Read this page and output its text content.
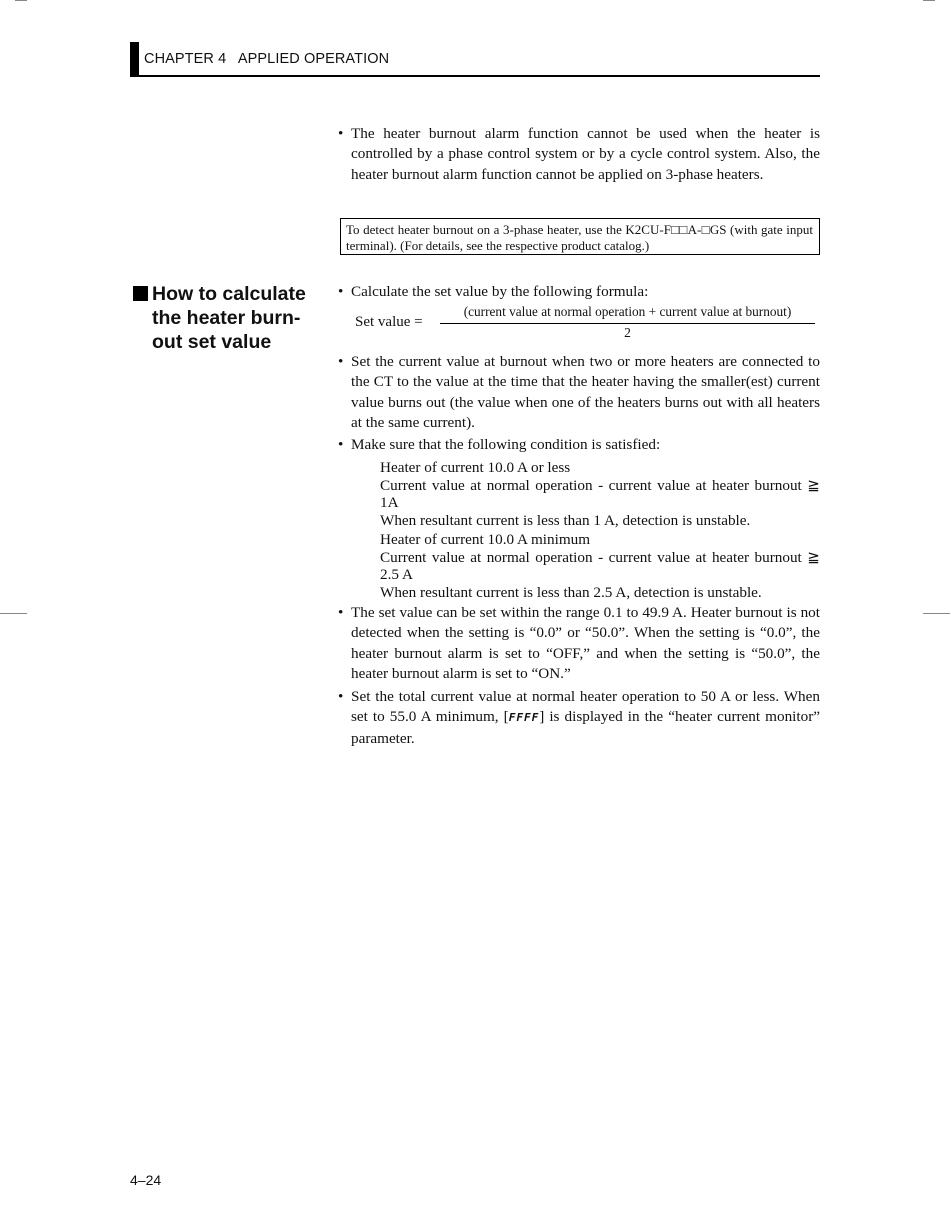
CHAPTER 4   APPLIED OPERATION
• The heater burnout alarm function cannot be used when the heater is controlled by a phase control system or by a cycle control system. Also, the heater burnout alarm function cannot be applied on 3-phase heaters.
To detect heater burnout on a 3-phase heater, use the K2CU-F□□A-□GS (with gate input terminal). (For details, see the respective product catalog.)
How to calculate
the heater burn-
out set value
• Calculate the set value by the following formula:
Set value =
(current value at normal operation + current value at burnout)
2
• Set the current value at burnout when two or more heaters are connected to the CT to the value at the time that the heater having the smaller(est) current value burns out (the value when one of the heaters burns out with all heaters at the same current).
• Make sure that the following condition is satisfied:
Heater of current 10.0 A or less
Current value at normal operation - current value at heater burnout ≧ 1A
When resultant current is less than 1 A, detection is unstable.
Heater of current 10.0 A minimum
Current value at normal operation - current value at heater burnout ≧ 2.5 A
When resultant current is less than 2.5 A, detection is unstable.
• The set value can be set within the range 0.1 to 49.9 A. Heater burnout is not detected when the setting is “0.0” or “50.0”. When the setting is “0.0”, the heater burnout alarm is set to “OFF,” and when the setting is “50.0”, the heater burnout alarm is set to “ON.”
• Set the total current value at normal heater operation to 50 A or less. When set to 55.0 A minimum, [FFFF] is displayed in the “heater current monitor” parameter.
4–24
